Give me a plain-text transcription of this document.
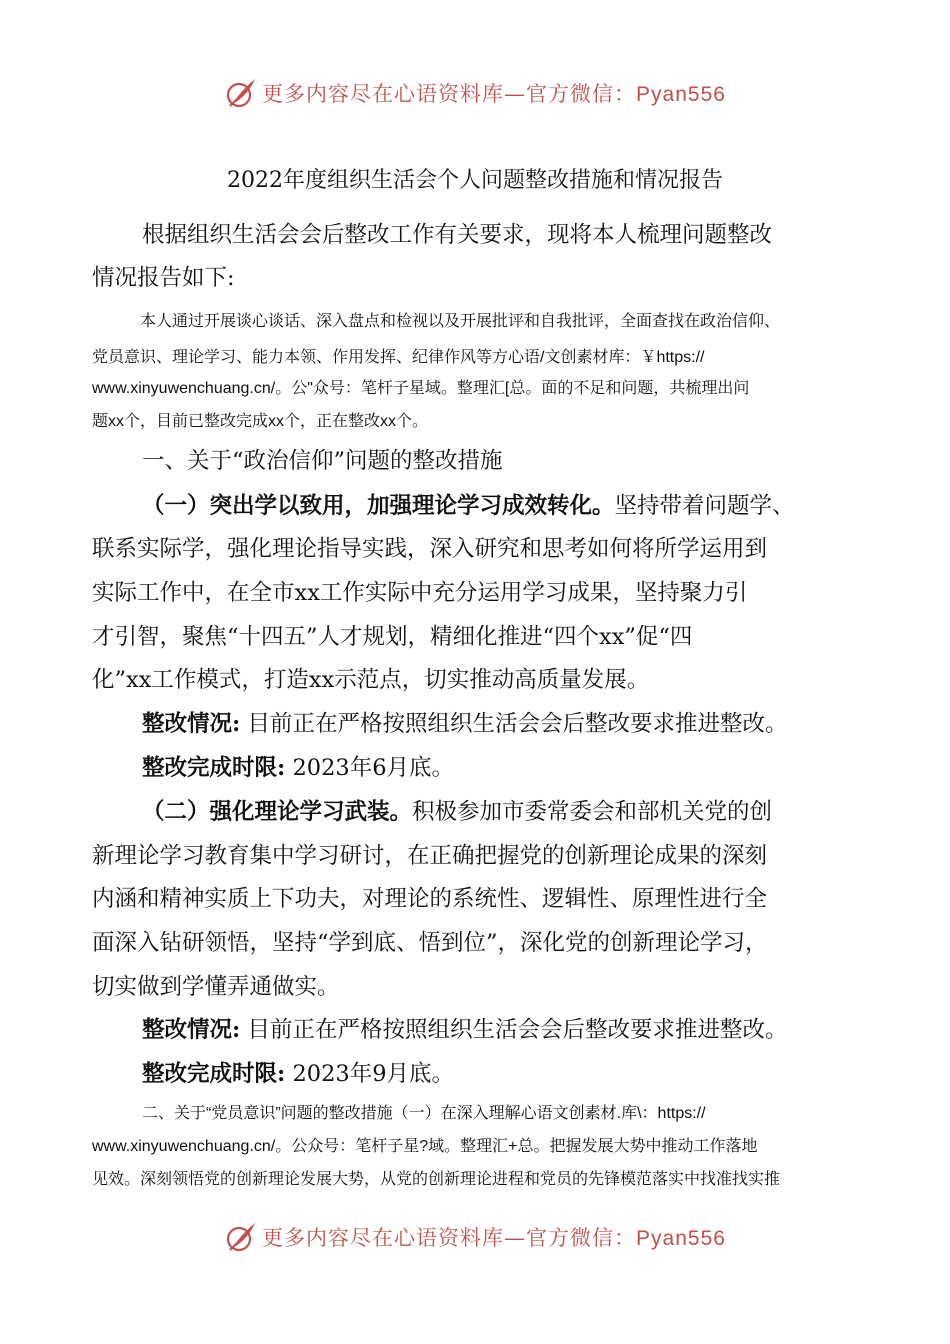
更多内容尽在心语资料库—官方微信：Pyan556
2022年度组织生活会个人问题整改措施和情况报告
根据组织生活会会后整改工作有关要求，现将本人梳理问题整改
情况报告如下:
本人通过开展谈心谈话、深入盘点和检视以及开展批评和自我批评，全面查找在政治信仰、
党员意识、理论学习、能力本领、作用发挥、纪律作风等方心语/文创素材库：￥https://
www.xinyuwenchuang.cn/。公"众号：笔杆子星域。整理汇[总。面的不足和问题，共梳理出问
题xx个，目前已整改完成xx个，正在整改xx个。
一、关于“政治信仰”问题的整改措施
（一）突出学以致用，加强理论学习成效转化。坚持带着问题学、
联系实际学，强化理论指导实践，深入研究和思考如何将所学运用到
实际工作中，在全市xx工作实际中充分运用学习成果，坚持聚力引
才引智，聚焦“十四五”人才规划，精细化推进“四个xx”促“四
化”xx工作模式，打造xx示范点，切实推动高质量发展。
整改情况: 目前正在严格按照组织生活会会后整改要求推进整改。
整改完成时限: 2023年6月底。
（二）强化理论学习武装。积极参加市委常委会和部机关党的创
新理论学习教育集中学习研讨，在正确把握党的创新理论成果的深刻
内涵和精神实质上下功夫，对理论的系统性、逻辑性、原理性进行全
面深入钻研领悟，坚持“学到底、悟到位”，深化党的创新理论学习，
切实做到学懂弄通做实。
整改情况: 目前正在严格按照组织生活会会后整改要求推进整改。
整改完成时限: 2023年9月底。
二、关于“党员意识”问题的整改措施（一）在深入理解心语文创素材.库\：https://
www.xinyuwenchuang.cn/。公众号：笔杆子星?域。整理汇+总。把握发展大势中推动工作落地
见效。深刻领悟党的创新理论发展大势，从党的创新理论进程和党员的先锋模范落实中找准找实推
更多内容尽在心语资料库—官方微信：Pyan556
